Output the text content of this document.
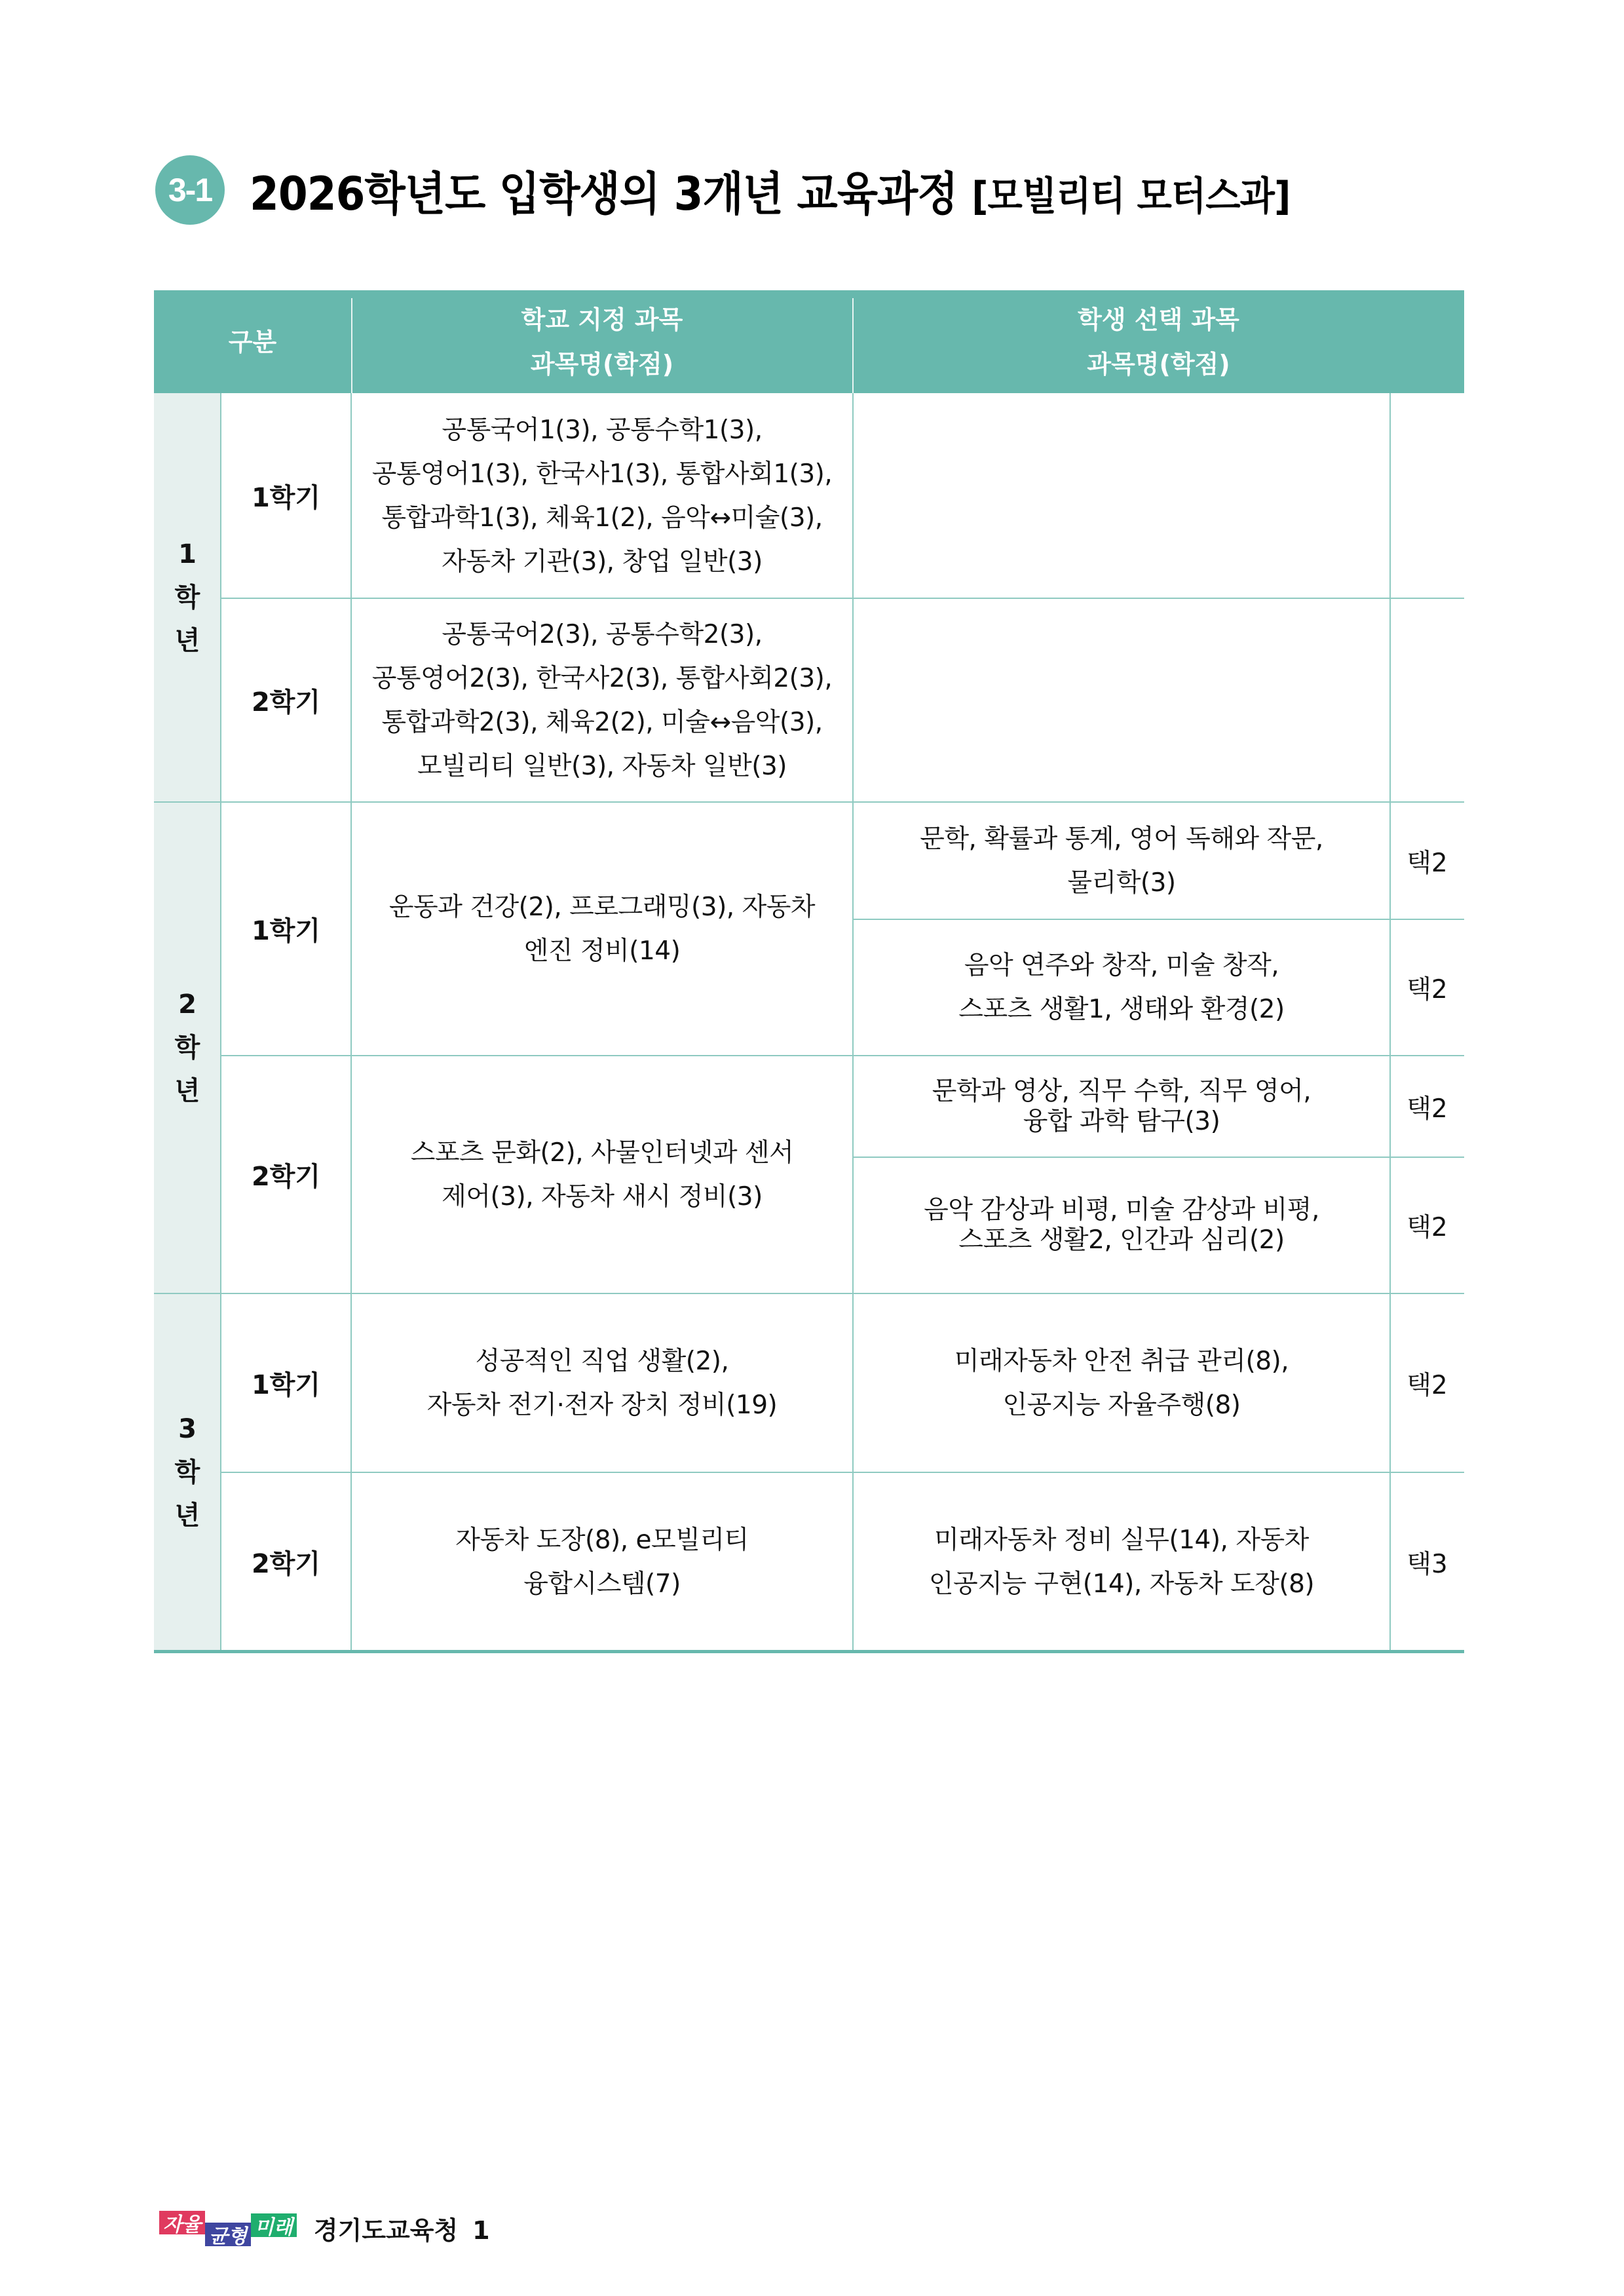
3-1 2026학년도 입학생의 3개년 교육과정 [모빌리티 모터스과]
구분
학교 지정 과목
과목명(학점)
학생 선택 과목
과목명(학점)
1
학
년
1학기
공통국어1(3), 공통수학1(3),
공통영어1(3), 한국사1(3), 통합사회1(3),
통합과학1(3), 체육1(2), 음악↔미술(3),
자동차 기관(3), 창업 일반(3)
2학기
공통국어2(3), 공통수학2(3),
공통영어2(3), 한국사2(3), 통합사회2(3),
통합과학2(3), 체육2(2), 미술↔음악(3),
모빌리티 일반(3), 자동차 일반(3)
2
학
년
1학기
운동과 건강(2), 프로그래밍(3), 자동차
엔진 정비(14)
문학, 확률과 통계, 영어 독해와 작문,
물리학(3)
택2
음악 연주와 창작, 미술 창작,
스포츠 생활1, 생태와 환경(2)
택2
2학기
스포츠 문화(2), 사물인터넷과 센서
제어(3), 자동차 새시 정비(3)
문학과 영상, 직무 수학, 직무 영어,
융합 과학 탐구(3)	택2
음악 감상과 비평, 미술 감상과 비평,
스포츠 생활2, 인간과 심리(2)	택2
3
학
년
1학기
성공적인 직업 생활(2),
자동차 전기·전자 장치 정비(19)
미래자동차 안전 취급 관리(8),
인공지능 자율주행(8)
택2
2학기
자동차 도장(8), e모빌리티
융합시스템(7)
미래자동차 정비 실무(14), 자동차
인공지능 구현(14), 자동차 도장(8)
택3
자율
균형 미래 경기도교육청 1
